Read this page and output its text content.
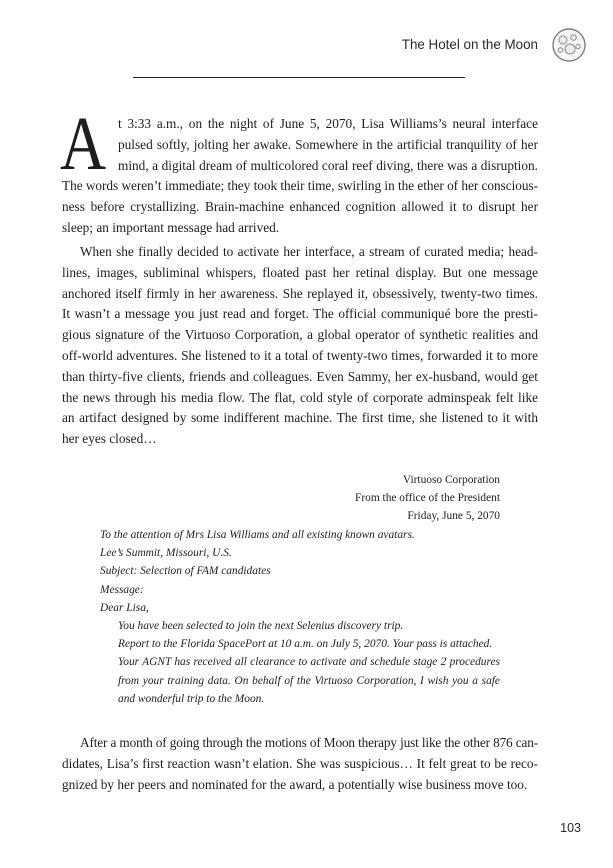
The Hotel on the Moon
A t 3:33 a.m., on the night of June 5, 2070, Lisa Williams’s neural interface
pulsed softly, jolting her awake. Somewhere in the artificial tranquility of her
mind, a digital dream of multicolored coral reef diving, there was a disruption.
The words weren’t immediate; they took their time, swirling in the ether of her conscious-
ness before crystallizing. Brain-machine enhanced cognition allowed it to disrupt her
sleep; an important message had arrived.
When she finally decided to activate her interface, a stream of curated media; head-
lines, images, subliminal whispers, floated past her retinal display. But one message
anchored itself firmly in her awareness. She replayed it, obsessively, twenty-two times.
It wasn’t a message you just read and forget. The official communiqué bore the presti-
gious signature of the Virtuoso Corporation, a global operator of synthetic realities and
off-world adventures. She listened to it a total of twenty-two times, forwarded it to more
than thirty-five clients, friends and colleagues. Even Sammy, her ex-husband, would get
the news through his media flow. The flat, cold style of corporate adminspeak felt like
an artifact designed by some indifferent machine. The first time, she listened to it with
her eyes closed…
Virtuoso Corporation
From the office of the President
Friday, June 5, 2070
To the attention of Mrs Lisa Williams and all existing known avatars.
Lee’s Summit, Missouri, U.S.
Subject: Selection of FAM candidates
Message:
Dear Lisa,
You have been selected to join the next Selenius discovery trip.
Report to the Florida SpacePort at 10 a.m. on July 5, 2070. Your pass is attached.
Your AGNT has received all clearance to activate and schedule stage 2 procedures
from your training data. On behalf of the Virtuoso Corporation, I wish you a safe
and wonderful trip to the Moon.
After a month of going through the motions of Moon therapy just like the other 876 can-
didates, Lisa’s first reaction wasn’t elation. She was suspicious… It felt great to be reco-
gnized by her peers and nominated for the award, a potentially wise business move too.
103
